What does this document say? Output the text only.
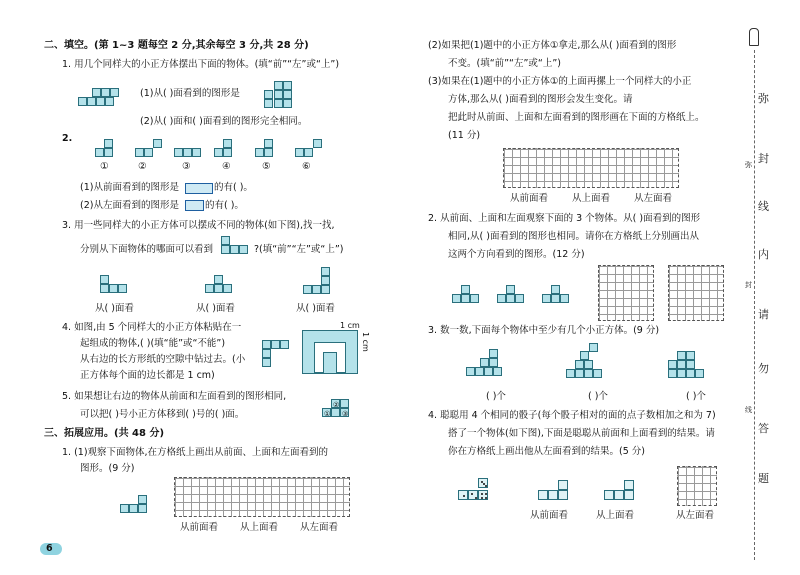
二、填空。(第 1~3 题每空 2 分,其余每空 3 分,共 28 分)
1. 用几个同样大的小正方体摆出下面的物体。(填“前”“左”或“上”)
(1)从( )面看到的图形是
(2)从( )面和( )面看到的图形完全相同。
2.
①	②	③	④	⑤	⑥
(1)从前面看到的图形是	的有( )。
(2)从左面看到的图形是	的有( )。
3. 用一些同样大的小正方体可以摆成不同的物体(如下图),找一找,
分别从下面物体的哪面可以看到	?(填“前”“左”或“上”)
从( )面看	从( )面看	从( )面看
4. 如图,由 5 个同样大的小正方体粘贴在一
起组成的物体,( )(填“能”或“不能”)
从右边的长方形纸的空隙中钻过去。(小
正方体每个面的边长都是 1 cm)
1 cm
1 cm
5. 如果想让右边的物体从前面和左面看到的图形相同,
可以把( )号小正方体移到( )号的( )面。	①
②
③
三、拓展应用。(共 48 分)
1. (1)观察下面物体,在方格纸上画出从前面、上面和左面看到的
图形。(9 分)
从前面看 从上面看 从左面看
6
(2)如果把(1)题中的小正方体①拿走,那么从( )面看到的图形
不变。(填“前”“左”或“上”)
(3)如果在(1)题中的小正方体①的上面再摞上一个同样大的小正
方体,那么从( )面看到的图形会发生变化。请
把此时从前面、上面和左面看到的图形画在下面的方格纸上。
(11 分)
从前面看	从上面看	从左面看
2. 从前面、上面和左面观察下面的 3 个物体。从( )面看到的图形
相同,从( )面看到的图形也相同。请你在方格纸上分别画出从
这两个方向看到的图形。(12 分)
3. 数一数,下面每个物体中至少有几个小正方体。(9 分)
( )个	( )个	( )个
4. 聪聪用 4 个相同的骰子(每个骰子相对的面的点子数相加之和为 7)
搭了一个物体(如下图),下面是聪聪从前面和上面看到的结果。请
你在方格纸上画出他从左面看到的结果。(5 分)
从前面看	从上面看	从左面看
弥
封
线
内
请
勿
答
题
弥
封
线
